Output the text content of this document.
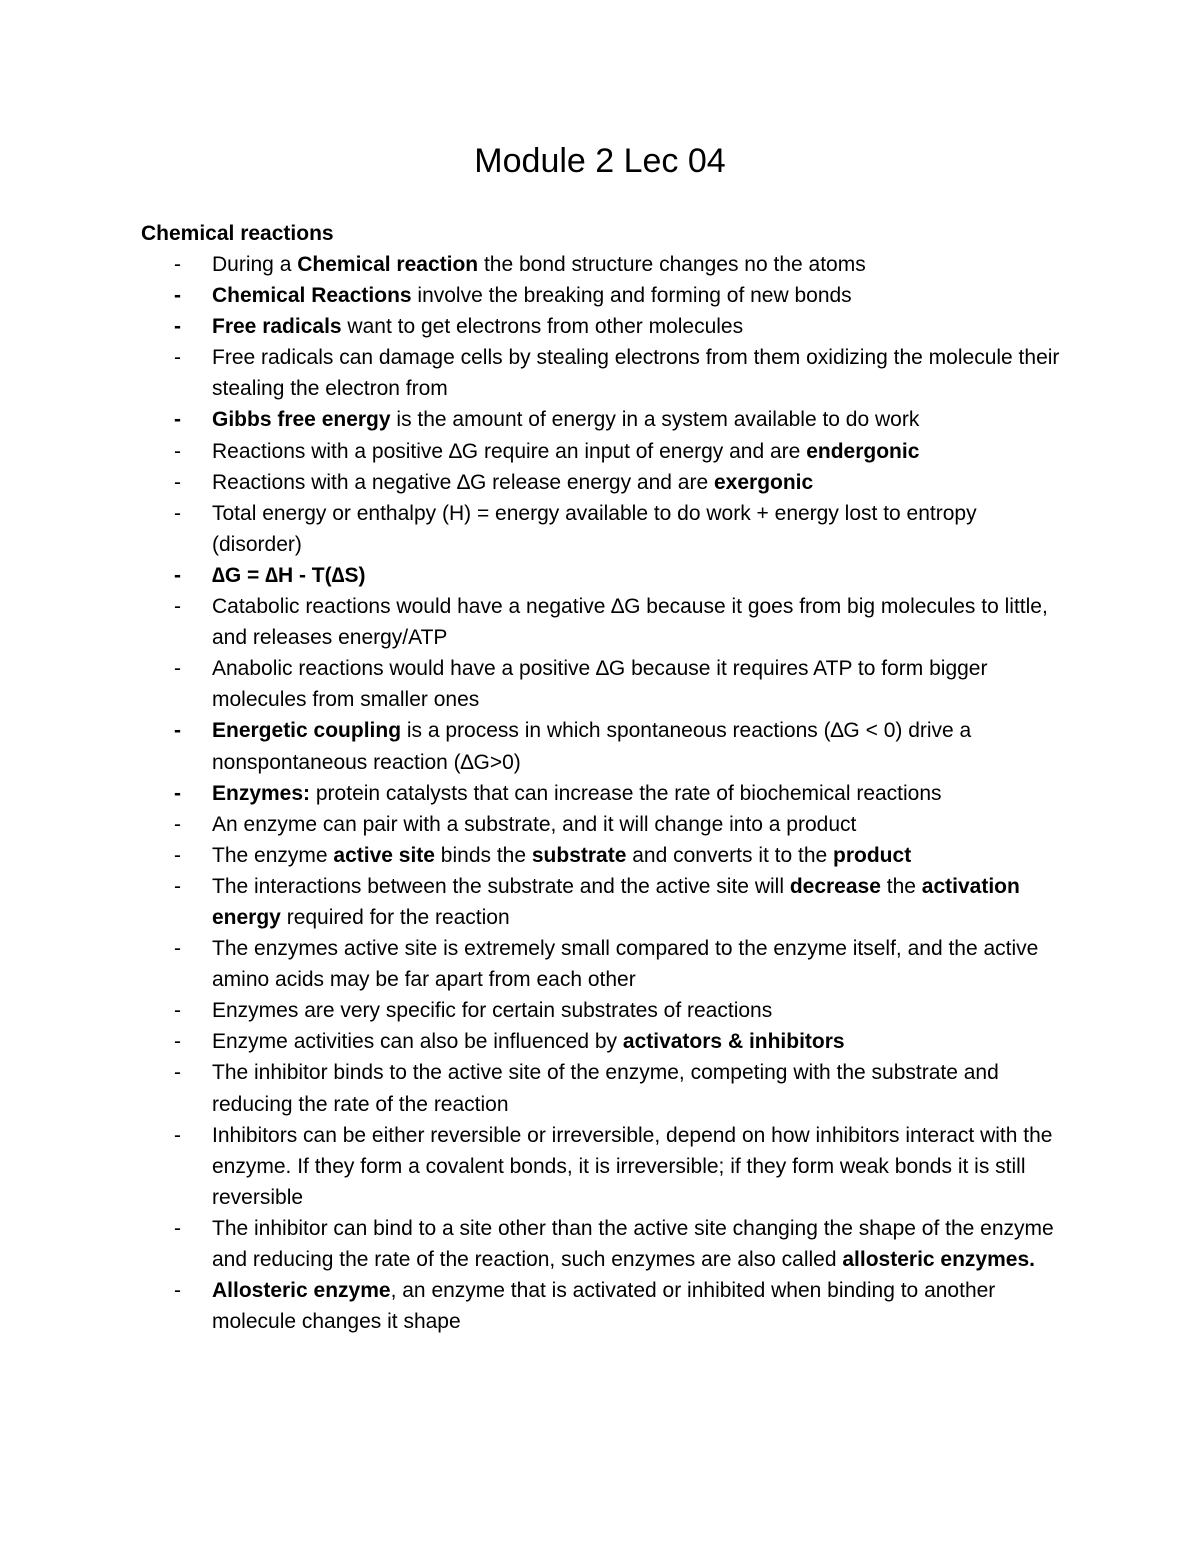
Module 2 Lec 04
Chemical reactions
- During a Chemical reaction the bond structure changes no the atoms
- Chemical Reactions involve the breaking and forming of new bonds
- Free radicals want to get electrons from other molecules
- Free radicals can damage cells by stealing electrons from them oxidizing the molecule their stealing the electron from
- Gibbs free energy is the amount of energy in a system available to do work
- Reactions with a positive ∆G require an input of energy and are endergonic
- Reactions with a negative ∆G release energy and are exergonic
- Total energy or enthalpy (H) = energy available to do work + energy lost to entropy (disorder)
- ∆G = ∆H - T(∆S)
- Catabolic reactions would have a negative ∆G because it goes from big molecules to little, and releases energy/ATP
- Anabolic reactions would have a positive ∆G because it requires ATP to form bigger molecules from smaller ones
- Energetic coupling is a process in which spontaneous reactions (∆G < 0) drive a nonspontaneous reaction (∆G>0)
- Enzymes: protein catalysts that can increase the rate of biochemical reactions
- An enzyme can pair with a substrate, and it will change into a product
- The enzyme active site binds the substrate and converts it to the product
- The interactions between the substrate and the active site will decrease the activation energy required for the reaction
- The enzymes active site is extremely small compared to the enzyme itself, and the active amino acids may be far apart from each other
- Enzymes are very specific for certain substrates of reactions
- Enzyme activities can also be influenced by activators & inhibitors
- The inhibitor binds to the active site of the enzyme, competing with the substrate and reducing the rate of the reaction
- Inhibitors can be either reversible or irreversible, depend on how inhibitors interact with the enzyme. If they form a covalent bonds, it is irreversible; if they form weak bonds it is still reversible
- The inhibitor can bind to a site other than the active site changing the shape of the enzyme and reducing the rate of the reaction, such enzymes are also called allosteric enzymes.
- Allosteric enzyme, an enzyme that is activated or inhibited when binding to another molecule changes it shape
